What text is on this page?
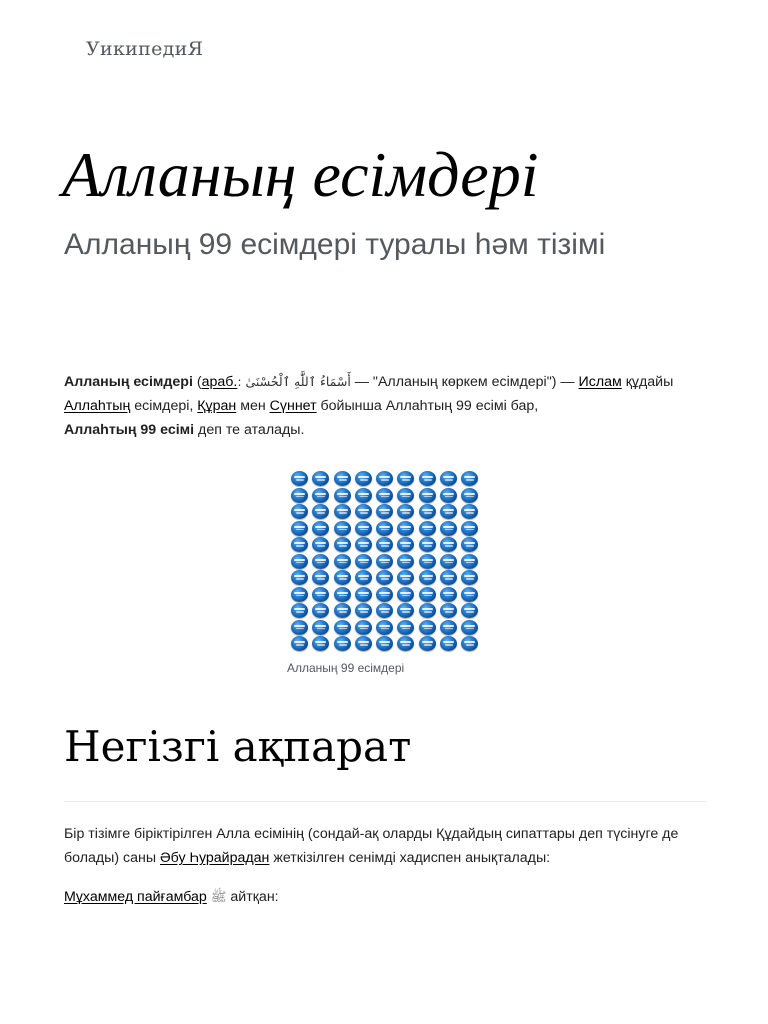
УикипедиЯ
Алланың есімдері
Алланың 99 есімдері туралы һәм тізімі

Алланың есімдері (араб.: أَسْمَاءُ ٱللَّٰهِ ٱلْحُسْنَىٰ — "Алланың көркем есімдері") — Ислам құдайы Аллаһтың есімдері, Құран мен Сүннет бойынша Аллаһтың 99 есімі бар,
Аллаһтың 99 есімі деп те аталады.

Алланың 99 есімдері
Негізгі ақпарат

Бір тізімге біріктірілген Алла есімінің (сондай-ақ оларды Құдайдың сипаттары деп түсінуге де болады) саны Әбу Һурайрадан жеткізілген сенімді хадиспен анықталады:

Мұхаммед пайғамбар ﷺ айтқан:
